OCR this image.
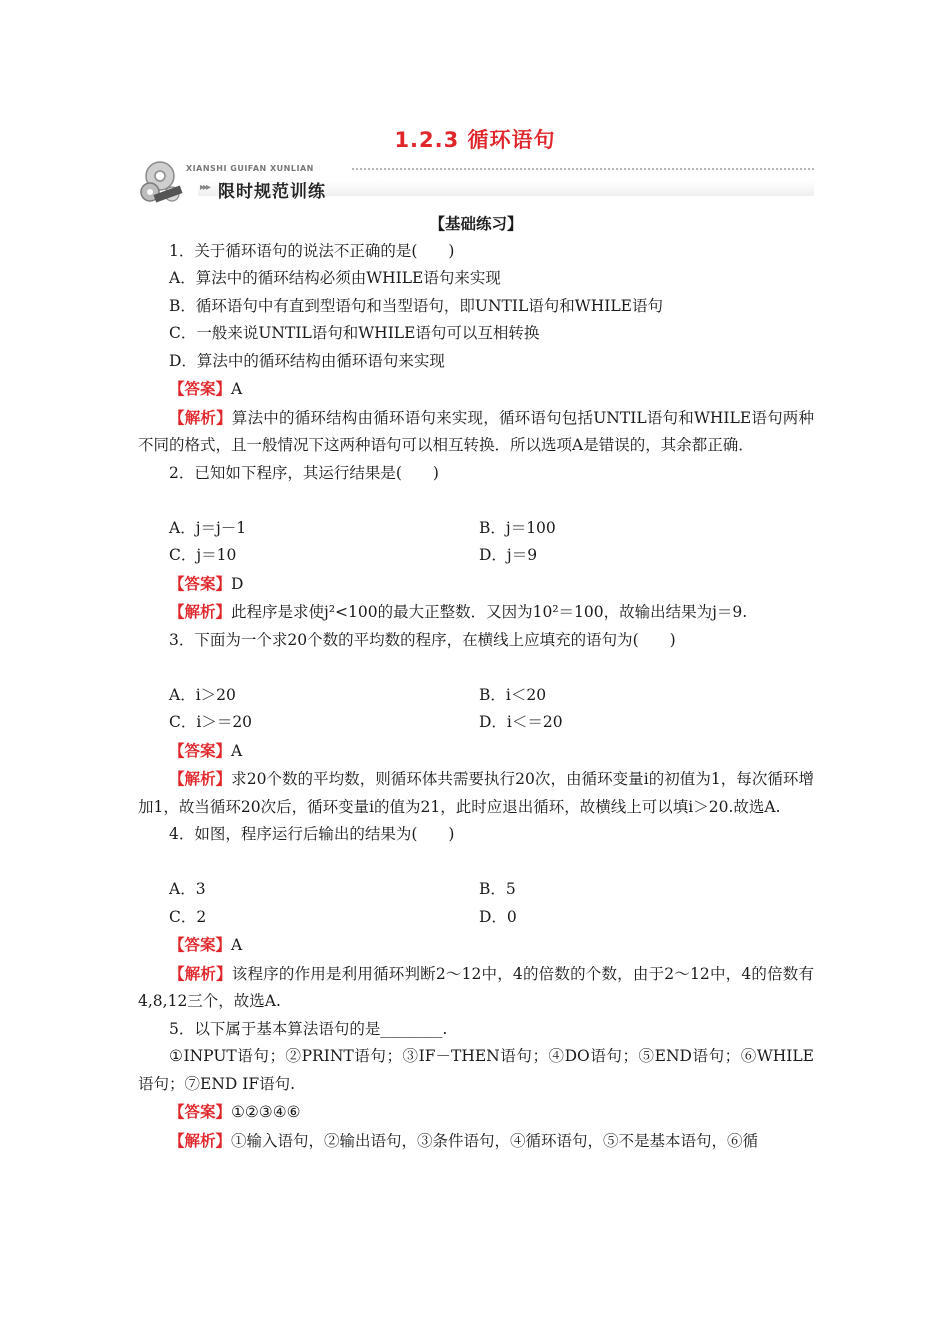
1.2.3 循环语句
XIANSHI GUIFAN XUNLIAN
▸▸▸ 限时规范训练
【基础练习】
1．关于循环语句的说法不正确的是(　　)
A．算法中的循环结构必须由WHILE语句来实现
B．循环语句中有直到型语句和当型语句，即UNTIL语句和WHILE语句
C．一般来说UNTIL语句和WHILE语句可以互相转换
D．算法中的循环结构由循环语句来实现
【答案】A
【解析】算法中的循环结构由循环语句来实现，循环语句包括UNTIL语句和WHILE语句两种不同的格式，且一般情况下这两种语句可以相互转换．所以选项A是错误的，其余都正确．
2．已知如下程序，其运行结果是(　　)
A．j＝j－1	B．j＝100
C．j＝10	D．j＝9
【答案】D
【解析】此程序是求使j²<100的最大正整数．又因为10²＝100，故输出结果为j＝9.
3．下面为一个求20个数的平均数的程序，在横线上应填充的语句为(　　)
A．i＞20	B．i＜20
C．i＞＝20	D．i＜＝20
【答案】A
【解析】求20个数的平均数，则循环体共需要执行20次，由循环变量i的初值为1，每次循环增加1，故当循环20次后，循环变量i的值为21，此时应退出循环，故横线上可以填i＞20.故选A.
4．如图，程序运行后输出的结果为(　　)
A．3	B．5
C．2	D．0
【答案】A
【解析】该程序的作用是利用循环判断2～12中，4的倍数的个数，由于2～12中，4的倍数有4,8,12三个，故选A.
5．以下属于基本算法语句的是________.
①INPUT语句；②PRINT语句；③IF－THEN语句；④DO语句；⑤END语句；⑥WHILE语句；⑦END IF语句.
【答案】①②③④⑥
【解析】①输入语句，②输出语句，③条件语句，④循环语句，⑤不是基本语句，⑥循
